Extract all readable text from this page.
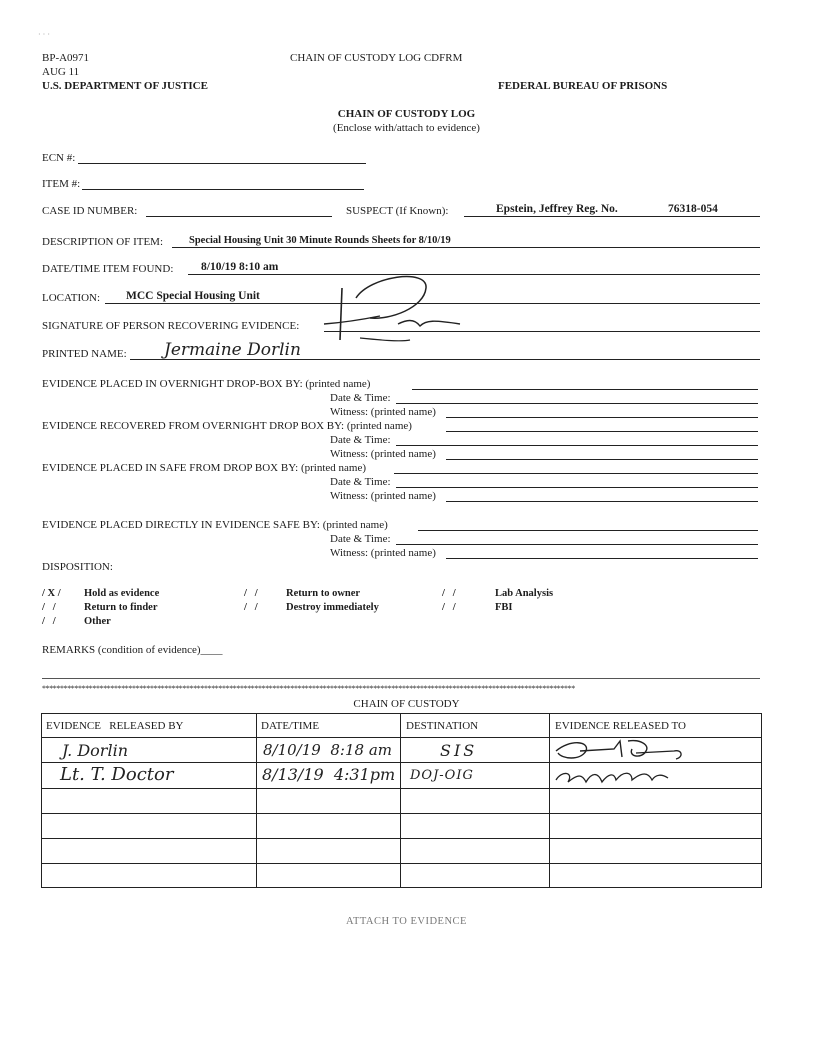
· · ·
BP-A0971
AUG 11
U.S. DEPARTMENT OF JUSTICE
CHAIN OF CUSTODY LOG CDFRM
FEDERAL BUREAU OF PRISONS
CHAIN OF CUSTODY LOG
(Enclose with/attach to evidence)
ECN #:
ITEM #:
CASE ID NUMBER:	SUSPECT (If Known):	Epstein, Jeffrey Reg. No.	76318-054
DESCRIPTION OF ITEM: Special Housing Unit 30 Minute Rounds Sheets for 8/10/19
DATE/TIME ITEM FOUND: 8/10/19 8:10 am
LOCATION: MCC Special Housing Unit
SIGNATURE OF PERSON RECOVERING EVIDENCE:
PRINTED NAME: Jermaine Dorlin
EVIDENCE PLACED IN OVERNIGHT DROP-BOX BY: (printed name)
Date & Time:
Witness: (printed name)
EVIDENCE RECOVERED FROM OVERNIGHT DROP BOX BY: (printed name)
Date & Time:
Witness: (printed name)
EVIDENCE PLACED IN SAFE FROM DROP BOX BY: (printed name)
Date & Time:
Witness: (printed name)
EVIDENCE PLACED DIRECTLY IN EVIDENCE SAFE BY: (printed name)
Date & Time:
Witness: (printed name)
DISPOSITION:
/ X / Hold as evidence	/   /	Return to owner	/   /	Lab Analysis
/   /	Return to finder	/   /	Destroy immediately	/   /	FBI
/   /	Other
REMARKS (condition of evidence)____
****************************************************************************************************************************************************
CHAIN OF CUSTODY
EVIDENCE   RELEASED BY	DATE/TIME	DESTINATION	EVIDENCE RELEASED TO
J. Dorlin	8/10/19  8:18 am	SIS
Lt. T. Doctor	8/13/19  4:31pm DOJ-OIG
ATTACH TO EVIDENCE
